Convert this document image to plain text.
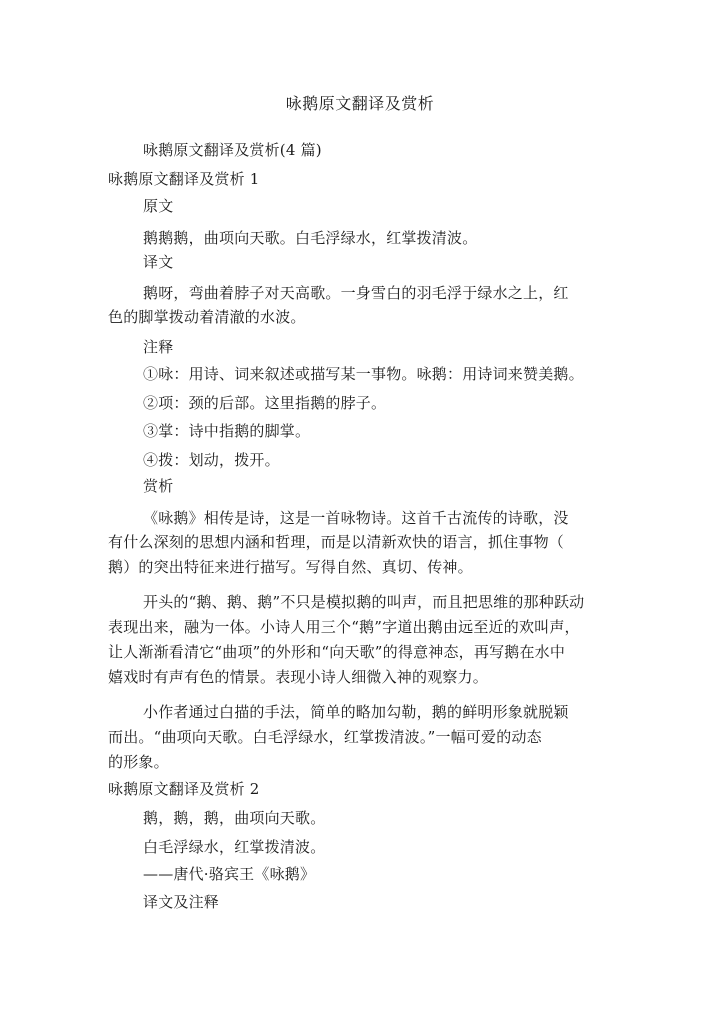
咏鹅原文翻译及赏析
咏鹅原文翻译及赏析(4 篇)
咏鹅原文翻译及赏析 1
原文
鹅鹅鹅，曲项向天歌。白毛浮绿水，红掌拨清波。
译文
鹅呀，弯曲着脖子对天高歌。一身雪白的羽毛浮于绿水之上，红
色的脚掌拨动着清澈的水波。
注释
①咏：用诗、词来叙述或描写某一事物。咏鹅：用诗词来赞美鹅。
②项：颈的后部。这里指鹅的脖子。
③掌：诗中指鹅的脚掌。
④拨：划动，拨开。
赏析
《咏鹅》相传是诗，这是一首咏物诗。这首千古流传的诗歌，没
有什么深刻的思想内涵和哲理，而是以清新欢快的语言，抓住事物（
鹅）的突出特征来进行描写。写得自然、真切、传神。
开头的“鹅、鹅、鹅”不只是模拟鹅的叫声，而且把思维的那种跃动
表现出来，融为一体。小诗人用三个“鹅”字道出鹅由远至近的欢叫声，
让人渐渐看清它“曲项”的外形和“向天歌”的得意神态，再写鹅在水中
嬉戏时有声有色的情景。表现小诗人细微入神的观察力。
小作者通过白描的手法，简单的略加勾勒，鹅的鲜明形象就脱颖
而出。“曲项向天歌。白毛浮绿水，红掌拨清波。”一幅可爱的动态
的形象。
咏鹅原文翻译及赏析 2
鹅，鹅，鹅，曲项向天歌。
白毛浮绿水，红掌拨清波。
——唐代·骆宾王《咏鹅》
译文及注释
